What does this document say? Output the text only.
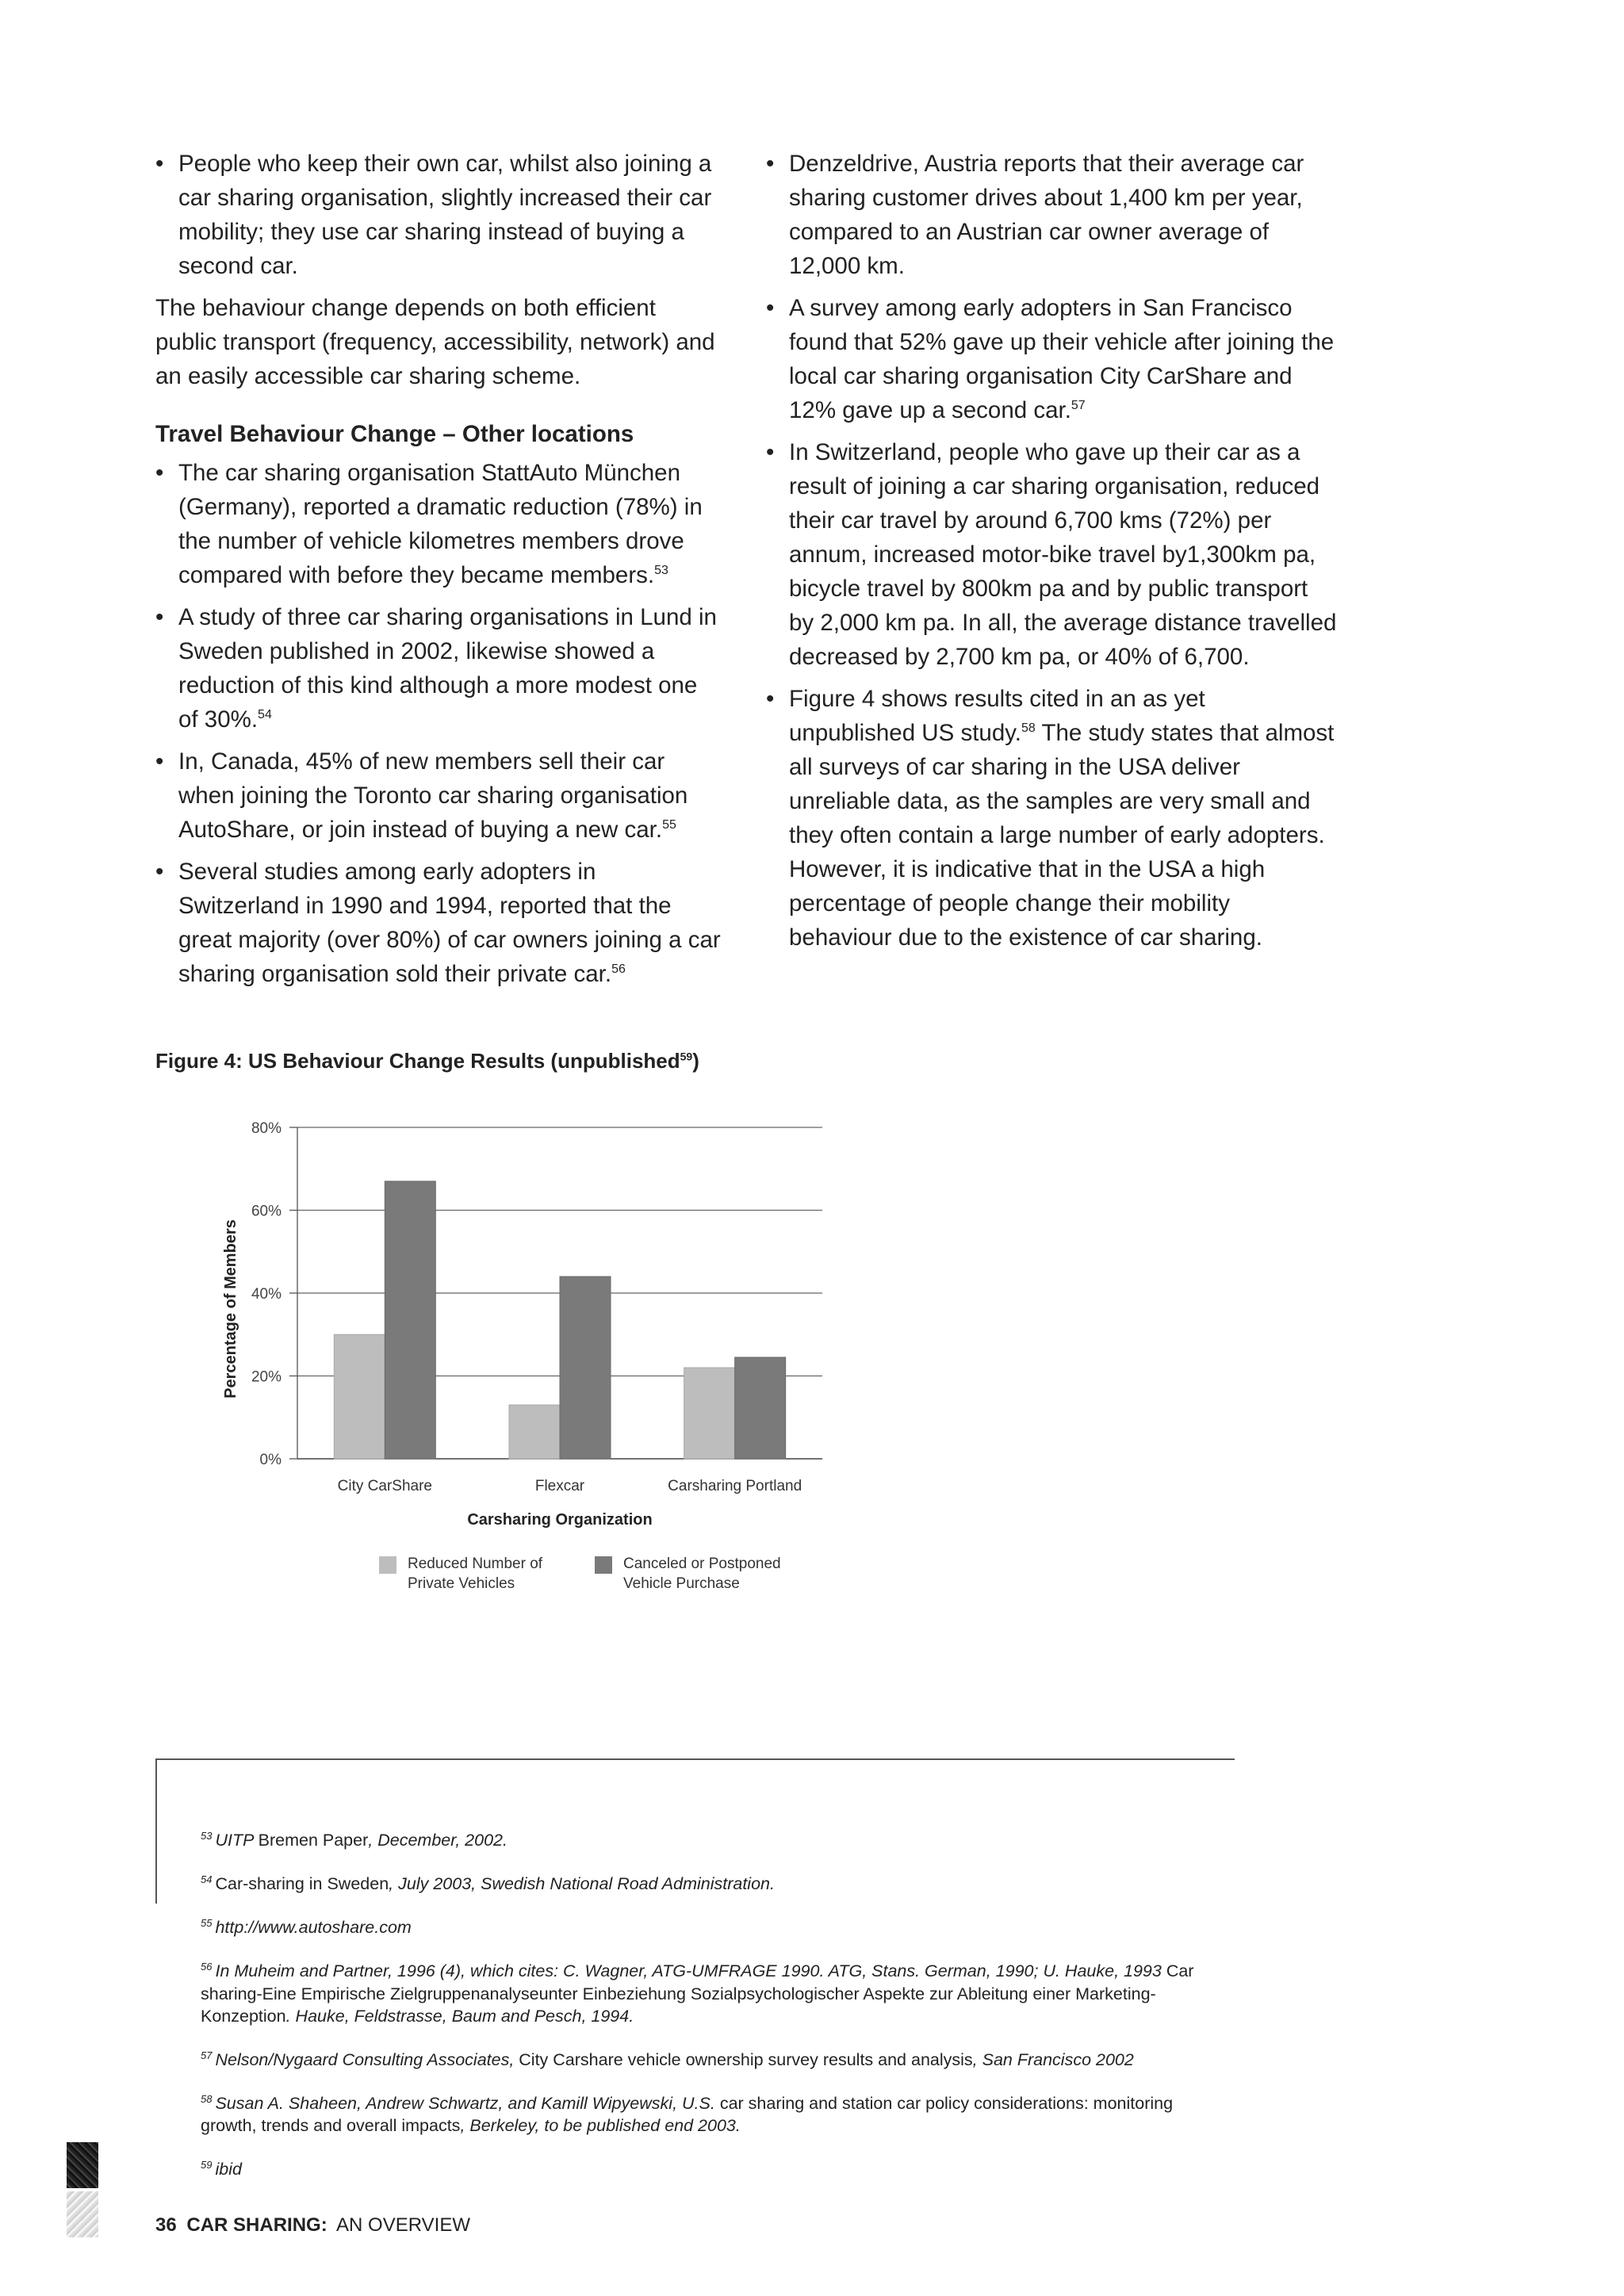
• People who keep their own car, whilst also joining a car sharing organisation, slightly increased their car mobility; they use car sharing instead of buying a second car.

The behaviour change depends on both efficient public transport (frequency, accessibility, network) and an easily accessible car sharing scheme.

Travel Behaviour Change – Other locations
• The car sharing organisation StattAuto München (Germany), reported a dramatic reduction (78%) in the number of vehicle kilometres members drove compared with before they became members.$^{53}$
• A study of three car sharing organisations in Lund in Sweden published in 2002, likewise showed a reduction of this kind although a more modest one of 30%.$^{54}$
• In, Canada, 45% of new members sell their car when joining the Toronto car sharing organisation AutoShare, or join instead of buying a new car.$^{55}$
• Several studies among early adopters in Switzerland in 1990 and 1994, reported that the great majority (over 80%) of car owners joining a car sharing organisation sold their private car.$^{56}$
• Denzeldrive, Austria reports that their average car sharing customer drives about 1,400 km per year, compared to an Austrian car owner average of 12,000 km.
• A survey among early adopters in San Francisco found that 52% gave up their vehicle after joining the local car sharing organisation City CarShare and 12% gave up a second car.$^{57}$
• In Switzerland, people who gave up their car as a result of joining a car sharing organisation, reduced their car travel by around 6,700 kms (72%) per annum, increased motor-bike travel by1,300km pa, bicycle travel by 800km pa and by public transport by 2,000 km pa. In all, the average distance travelled decreased by 2,700 km pa, or 40% of 6,700.
• Figure 4 shows results cited in an as yet unpublished US study.$^{58}$ The study states that almost all surveys of car sharing in the USA deliver unreliable data, as the samples are very small and they often contain a large number of early adopters. However, it is indicative that in the USA a high percentage of people change their mobility behaviour due to the existence of car sharing.
Figure 4: US Behaviour Change Results (unpublished$^{59}$)
0%
20%
40%
60%
80%
City CarShare	Flexcar	Carsharing Portland
Carsharing Organization
Percentage of Members
Reduced Number of
Private Vehicles
Canceled or Postponed
Vehicle Purchase
$^{53}$ UITP Bremen Paper, December, 2002.
$^{54}$ Car-sharing in Sweden, July 2003, Swedish National Road Administration.
$^{55}$ http://www.autoshare.com
$^{56}$ In Muheim and Partner, 1996 (4), which cites: C. Wagner, ATG-UMFRAGE 1990. ATG, Stans. German, 1990; U. Hauke, 1993 Car sharing-Eine Empirische Zielgruppenanalyseunter Einbeziehung Sozialpsychologischer Aspekte zur Ableitung einer Marketing-Konzeption. Hauke, Feldstrasse, Baum and Pesch, 1994.
$^{57}$ Nelson/Nygaard Consulting Associates, City Carshare vehicle ownership survey results and analysis, San Francisco 2002
$^{58}$ Susan A. Shaheen, Andrew Schwartz, and Kamill Wipyewski, U.S. car sharing and station car policy considerations: monitoring growth, trends and overall impacts, Berkeley, to be published end 2003.
$^{59}$ ibid
36 CAR SHARING: AN OVERVIEW
